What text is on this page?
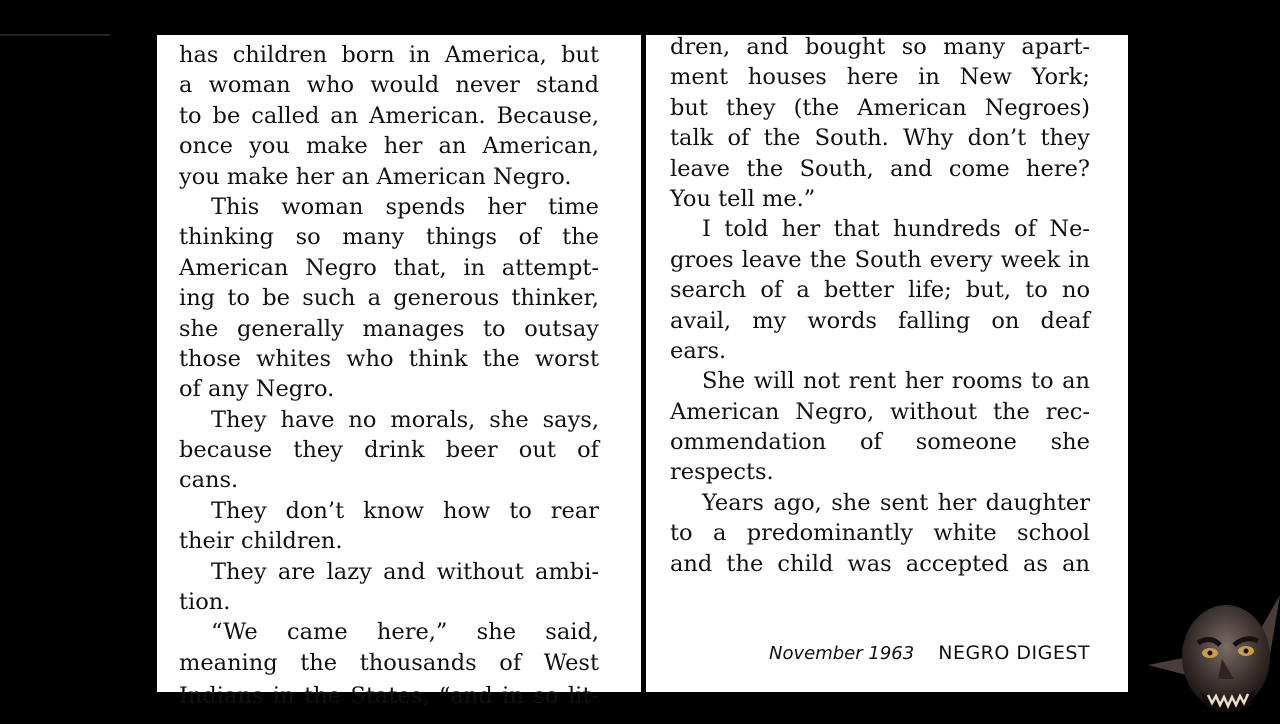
has children born in America, but
a woman who would never stand
to be called an American. Because,
once you make her an American,
you make her an American Negro.
This woman spends her time
thinking so many things of the
American Negro that, in attempt-
ing to be such a generous thinker,
she generally manages to outsay
those whites who think the worst
of any Negro.
They have no morals, she says,
because they drink beer out of
cans.
They don’t know how to rear
their children.
They are lazy and without ambi-
tion.
“We came here,” she said,
meaning the thousands of West
Indians in the States, “and in so lit-
dren, and bought so many apart-
ment houses here in New York;
but they (the American Negroes)
talk of the South. Why don’t they
leave the South, and come here?
You tell me.”
I told her that hundreds of Ne-
groes leave the South every week in
search of a better life; but, to no
avail, my words falling on deaf
ears.
She will not rent her rooms to an
American Negro, without the rec-
ommendation of someone she
respects.
Years ago, she sent her daughter
to a predominantly white school
and the child was accepted as an
November 1963 NEGRO DIGEST
